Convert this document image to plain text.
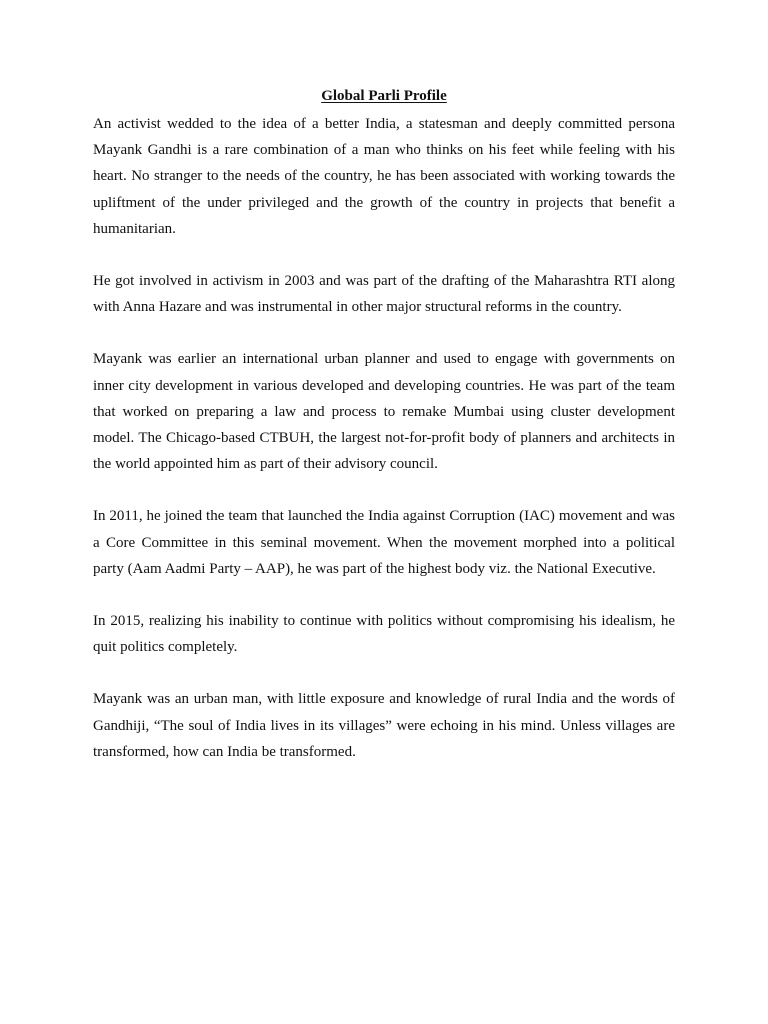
Global Parli Profile

An activist wedded to the idea of a better India, a statesman and deeply committed persona Mayank Gandhi is a rare combination of a man who thinks on his feet while feeling with his heart. No stranger to the needs of the country, he has been associated with working towards the upliftment of the under privileged and the growth of the country in projects that benefit a humanitarian.

He got involved in activism in 2003 and was part of the drafting of the Maharashtra RTI along with Anna Hazare and was instrumental in other major structural reforms in the country.

Mayank was earlier an international urban planner and used to engage with governments on inner city development in various developed and developing countries. He was part of the team that worked on preparing a law and process to remake Mumbai using cluster development model. The Chicago-based CTBUH, the largest not-for-profit body of planners and architects in the world appointed him as part of their advisory council.

In 2011, he joined the team that launched the India against Corruption (IAC) movement and was a Core Committee in this seminal movement. When the movement morphed into a political party (Aam Aadmi Party – AAP), he was part of the highest body viz. the National Executive.

In 2015, realizing his inability to continue with politics without compromising his idealism, he quit politics completely.

Mayank was an urban man, with little exposure and knowledge of rural India and the words of Gandhiji, “The soul of India lives in its villages” were echoing in his mind. Unless villages are transformed, how can India be transformed.
